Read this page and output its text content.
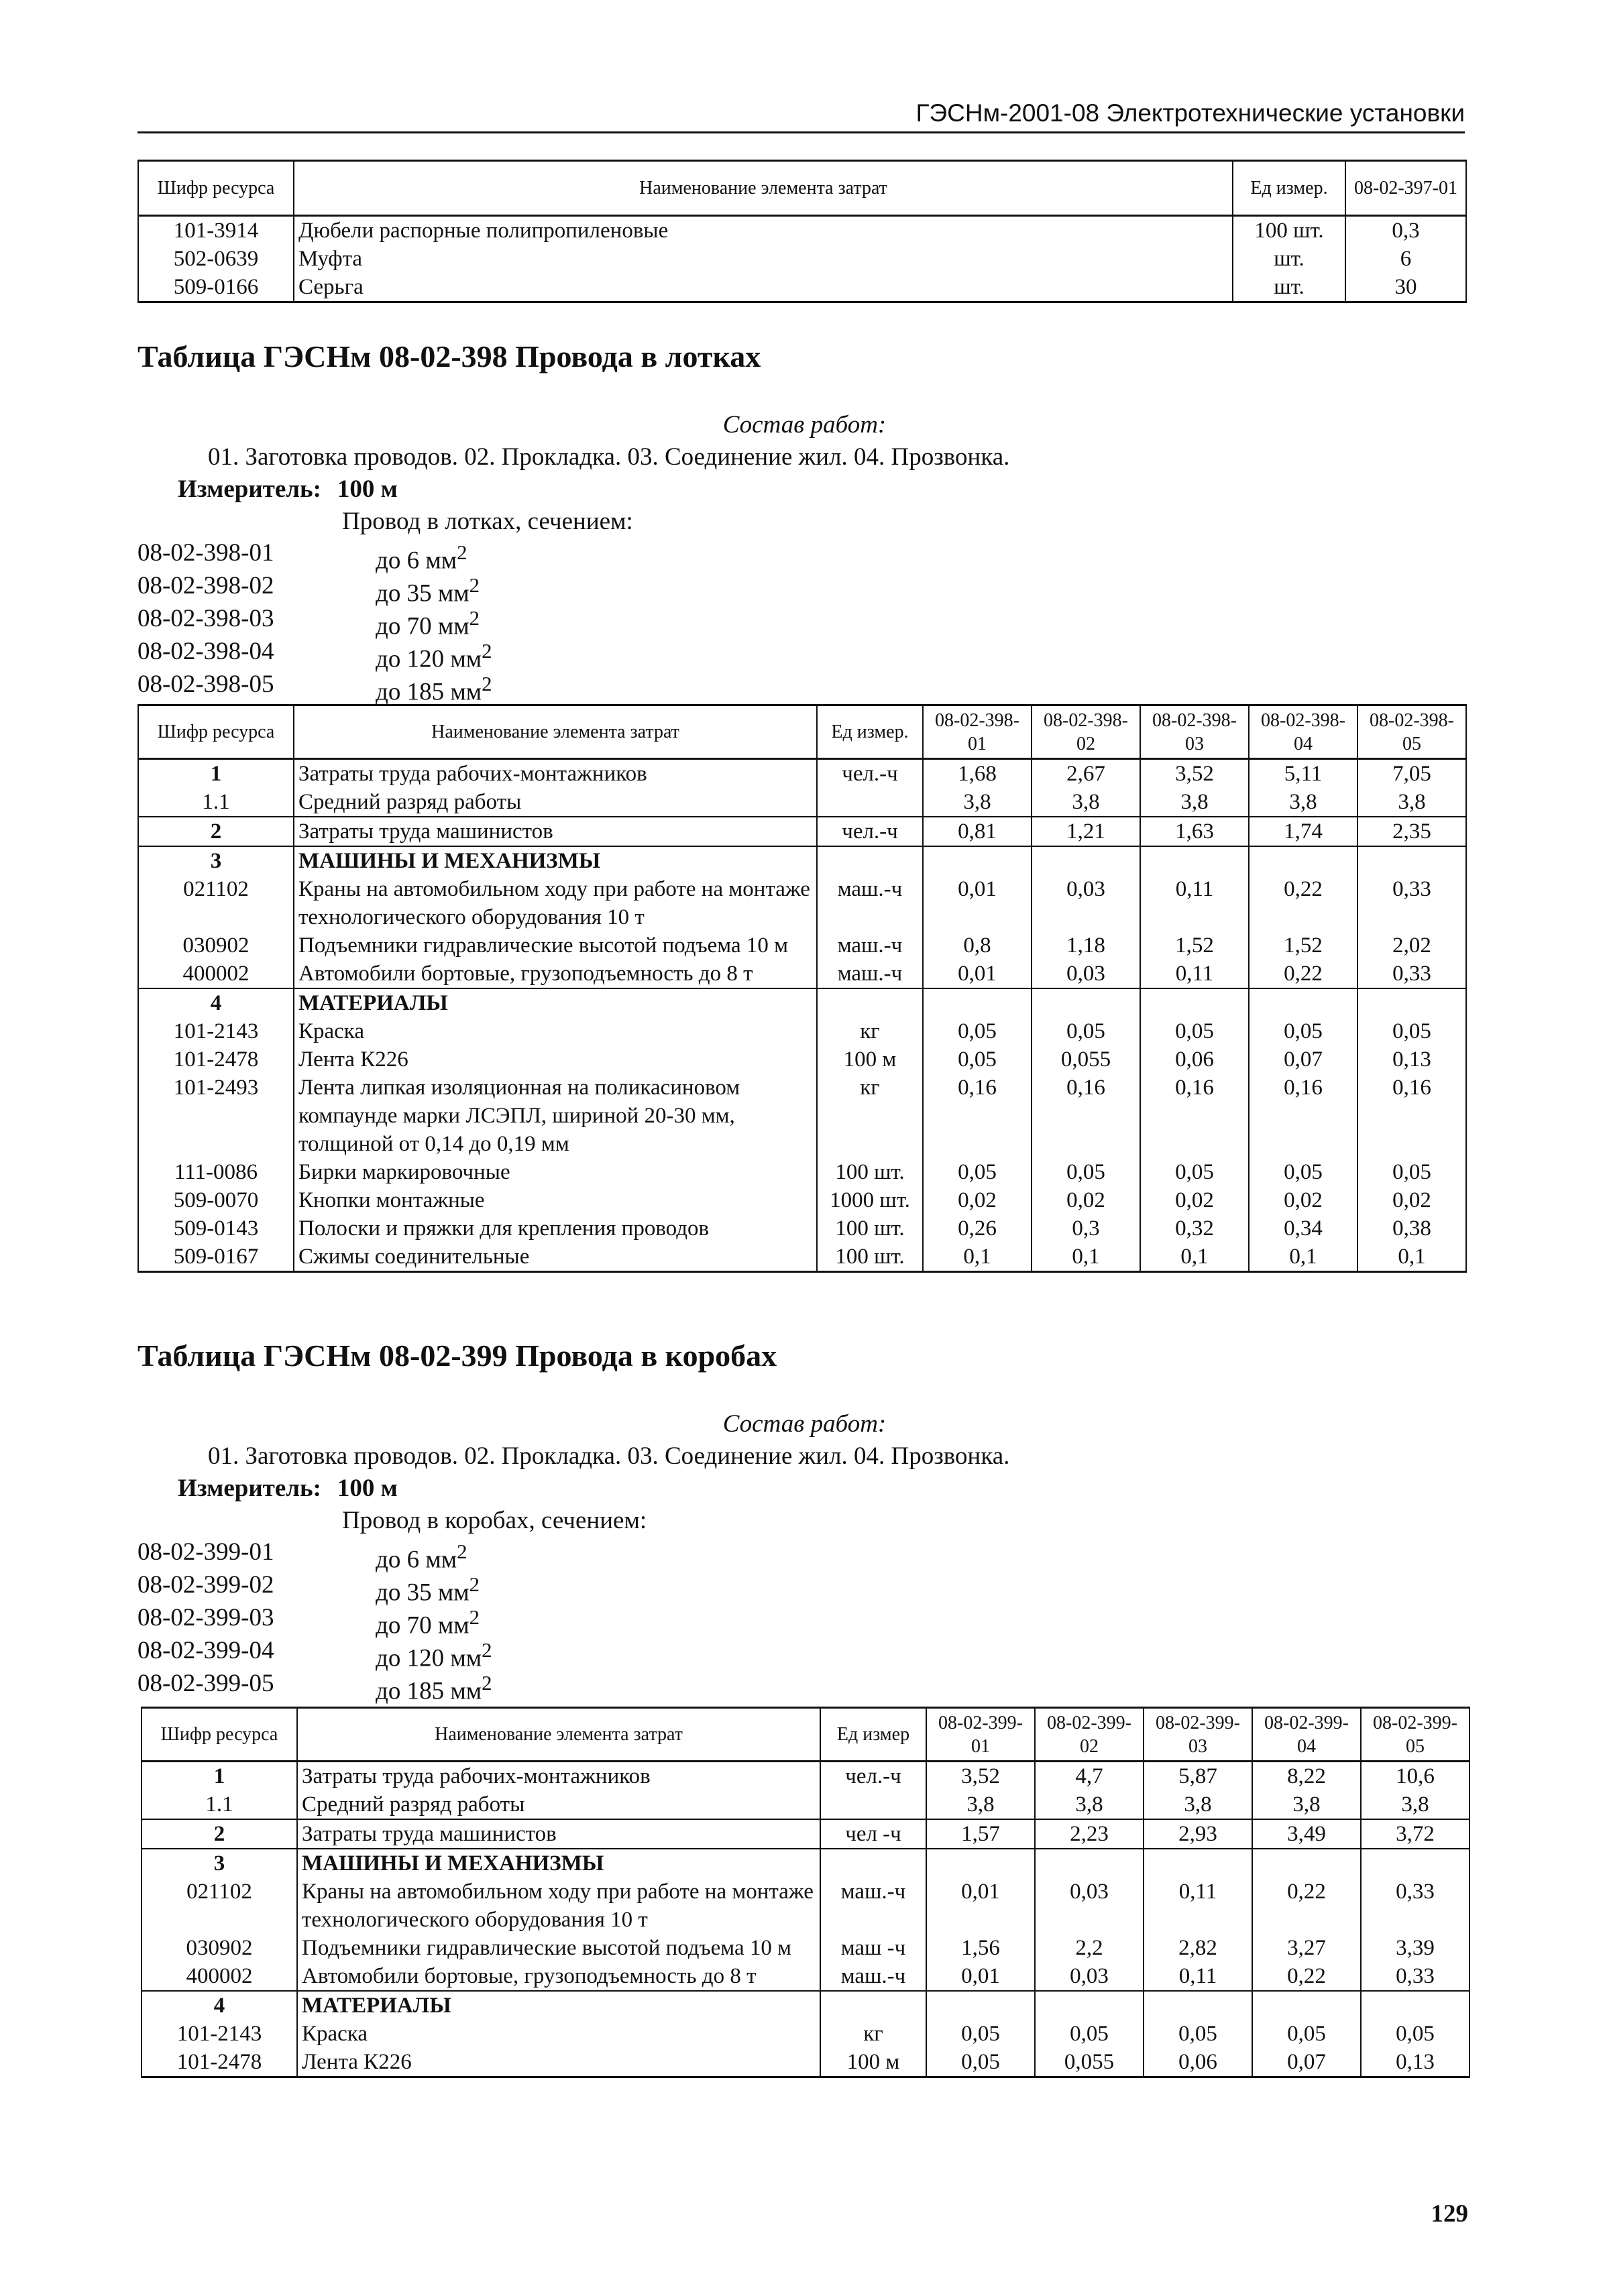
ГЭСНм-2001-08 Электротехнические установки
Шифр ресурса	Наименование элемента затрат	Ед измер.	08-02-397-01
101-3914	Дюбели распорные полипропиленовые	100 шт.	0,3
502-0639	Муфта	шт.	6
509-0166	Серьга	шт.	30
Таблица ГЭСНм 08-02-398 Провода в лотках
Состав работ:
01. Заготовка проводов. 02. Прокладка. 03. Соединение жил. 04. Прозвонка.
Измеритель: 100 м
Провод в лотках, сечением:
08-02-398-01	до 6 $мм^2$
08-02-398-02	до 35 $мм^2$
08-02-398-03	до 70 $мм^2$
08-02-398-04	до 120 $мм^2$
08-02-398-05	до 185 $мм^2$
Шифр ресурса	Наименование элемента затрат	Ед измер.	08-02-398-01	08-02-398-02	08-02-398-03	08-02-398-04	08-02-398-05
1	Затраты труда рабочих-монтажников	чел.-ч	1,68	2,67	3,52	5,11	7,05
1.1	Средний разряд работы		3,8	3,8	3,8	3,8	3,8
2	Затраты труда машинистов	чел.-ч	0,81	1,21	1,63	1,74	2,35
3	МАШИНЫ И МЕХАНИЗМЫ						
021102	Краны на автомобильном ходу при работе на монтаже технологического оборудования 10 т	маш.-ч	0,01	0,03	0,11	0,22	0,33
030902	Подъемники гидравлические высотой подъема 10 м	маш.-ч	0,8	1,18	1,52	1,52	2,02
400002	Автомобили бортовые, грузоподъемность до 8 т	маш.-ч	0,01	0,03	0,11	0,22	0,33
4	МАТЕРИАЛЫ						
101-2143	Краска	кг	0,05	0,05	0,05	0,05	0,05
101-2478	Лента К226	100 м	0,05	0,055	0,06	0,07	0,13
101-2493	Лента липкая изоляционная на поликасиновом компаунде марки ЛСЭПЛ, шириной 20-30 мм, толщиной от 0,14 до 0,19 мм	кг	0,16	0,16	0,16	0,16	0,16
111-0086	Бирки маркировочные	100 шт.	0,05	0,05	0,05	0,05	0,05
509-0070	Кнопки монтажные	1000 шт.	0,02	0,02	0,02	0,02	0,02
509-0143	Полоски и пряжки для крепления проводов	100 шт.	0,26	0,3	0,32	0,34	0,38
509-0167	Сжимы соединительные	100 шт.	0,1	0,1	0,1	0,1	0,1
Таблица ГЭСНм 08-02-399 Провода в коробах
Состав работ:
01. Заготовка проводов. 02. Прокладка. 03. Соединение жил. 04. Прозвонка.
Измеритель: 100 м
Провод в коробах, сечением:
08-02-399-01	до 6 $мм^2$
08-02-399-02	до 35 $мм^2$
08-02-399-03	до 70 $мм^2$
08-02-399-04	до 120 $мм^2$
08-02-399-05	до 185 $мм^2$
Шифр ресурса	Наименование элемента затрат	Ед измер	08-02-399-01	08-02-399-02	08-02-399-03	08-02-399-04	08-02-399-05
1	Затраты труда рабочих-монтажников	чел.-ч	3,52	4,7	5,87	8,22	10,6
1.1	Средний разряд работы		3,8	3,8	3,8	3,8	3,8
2	Затраты труда машинистов	чел -ч	1,57	2,23	2,93	3,49	3,72
3	МАШИНЫ И МЕХАНИЗМЫ						
021102	Краны на автомобильном ходу при работе на монтаже технологического оборудования 10 т	маш.-ч	0,01	0,03	0,11	0,22	0,33
030902	Подъемники гидравлические высотой подъема 10 м	маш -ч	1,56	2,2	2,82	3,27	3,39
400002	Автомобили бортовые, грузоподъемность до 8 т	маш.-ч	0,01	0,03	0,11	0,22	0,33
4	МАТЕРИАЛЫ						
101-2143	Краска	кг	0,05	0,05	0,05	0,05	0,05
101-2478	Лента К226	100 м	0,05	0,055	0,06	0,07	0,13
129
